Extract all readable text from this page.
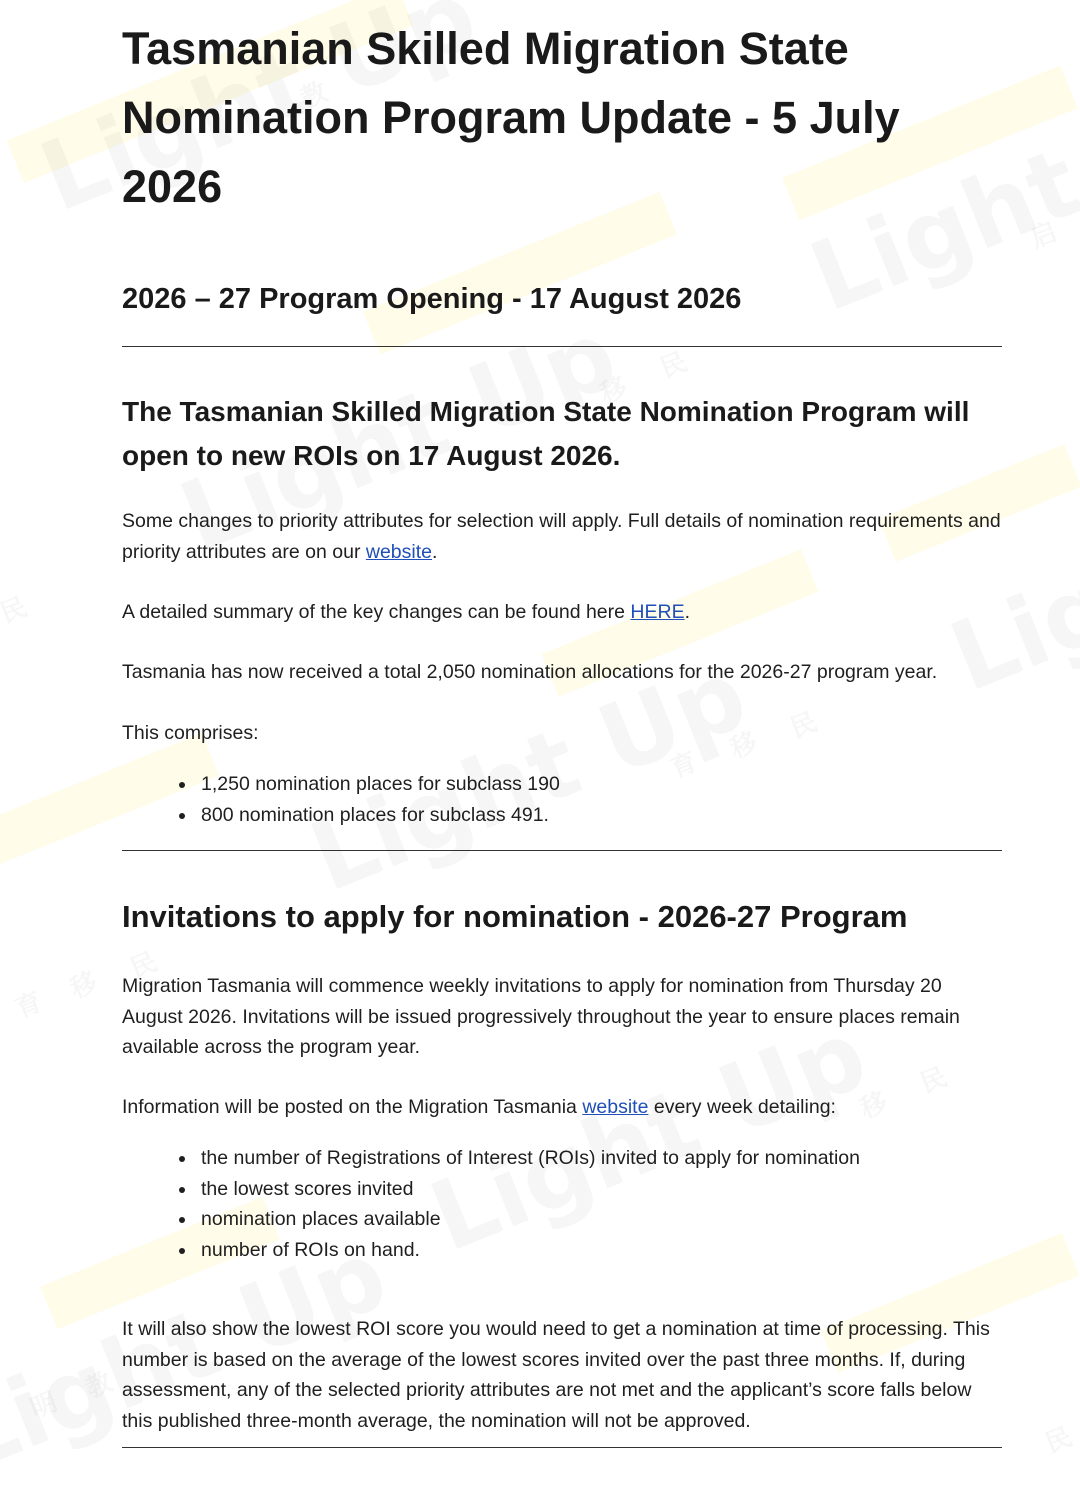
Tasmanian Skilled Migration State Nomination Program Update - 5 July 2026
2026 – 27 Program Opening - 17 August 2026
The Tasmanian Skilled Migration State Nomination Program will open to new ROIs on 17 August 2026.

Some changes to priority attributes for selection will apply. Full details of nomination requirements and priority attributes are on our website.

A detailed summary of the key changes can be found here HERE.

Tasmania has now received a total 2,050 nomination allocations for the 2026-27 program year.

This comprises:

1,250 nomination places for subclass 190
800 nomination places for subclass 491.
Invitations to apply for nomination - 2026-27 Program

Migration Tasmania will commence weekly invitations to apply for nomination from Thursday 20 August 2026. Invitations will be issued progressively throughout the year to ensure places remain available across the program year.

Information will be posted on the Migration Tasmania website every week detailing:

the number of Registrations of Interest (ROIs) invited to apply for nomination
the lowest scores invited
nomination places available
number of ROIs on hand.

It will also show the lowest ROI score you would need to get a nomination at time of processing. This number is based on the average of the lowest scores invited over the past three months. If, during assessment, any of the selected priority attributes are not met and the applicant’s score falls below this published three-month average, the nomination will not be approved.
